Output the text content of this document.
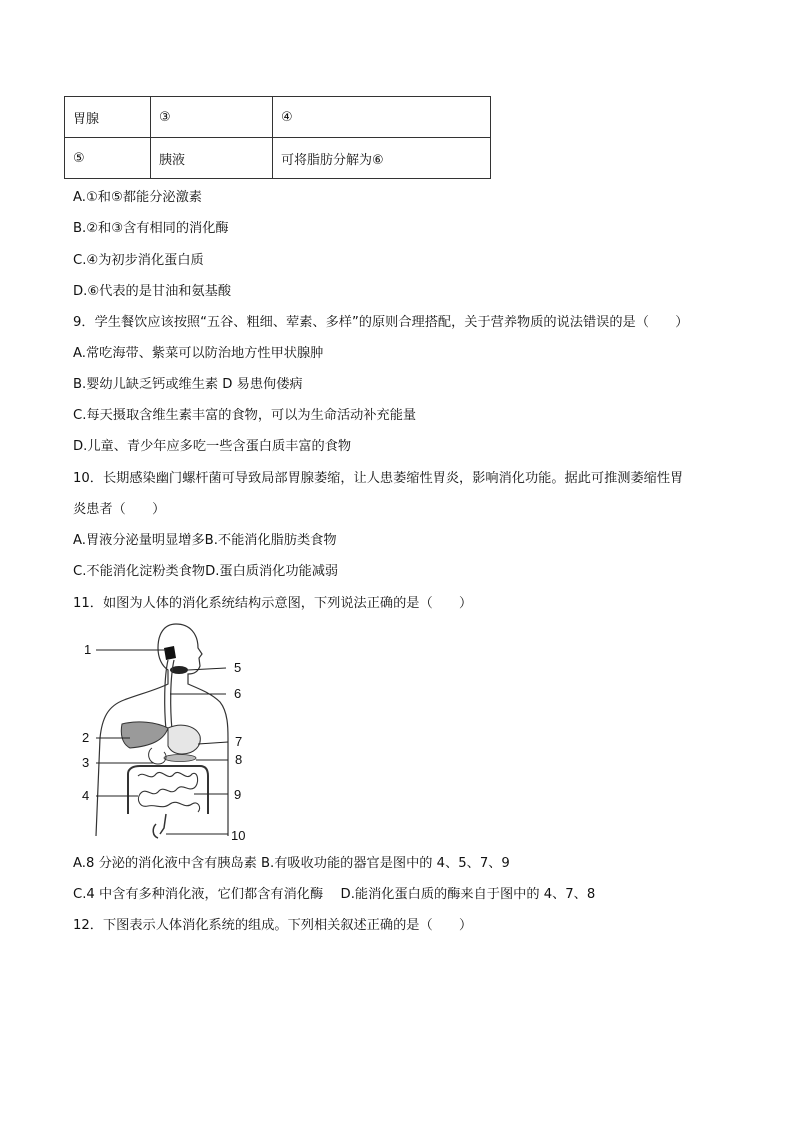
胃腺	③	④
⑤	胰液	可将脂肪分解为⑥
A.①和⑤都能分泌激素
B.②和③含有相同的消化酶
C.④为初步消化蛋白质
D.⑥代表的是甘油和氨基酸
9．学生餐饮应该按照“五谷、粗细、荤素、多样”的原则合理搭配，关于营养物质的说法错误的是（　　）
A.常吃海带、紫菜可以防治地方性甲状腺肿
B.婴幼儿缺乏钙或维生素 D 易患佝偻病
C.每天摄取含维生素丰富的食物，可以为生命活动补充能量
D.儿童、青少年应多吃一些含蛋白质丰富的食物
10．长期感染幽门螺杆菌可导致局部胃腺萎缩，让人患萎缩性胃炎，影响消化功能。据此可推测萎缩性胃
炎患者（　　）
A.胃液分泌量明显增多B.不能消化脂肪类食物
C.不能消化淀粉类食物D.蛋白质消化功能减弱
11．如图为人体的消化系统结构示意图，下列说法正确的是（　　）
1
2
3
4
5
6
7
8
9
10
A.8 分泌的消化液中含有胰岛素 B.有吸收功能的器官是图中的 4、5、7、9
C.4 中含有多种消化液，它们都含有消化酶　 D.能消化蛋白质的酶来自于图中的 4、7、8
12．下图表示人体消化系统的组成。下列相关叙述正确的是（　　）
